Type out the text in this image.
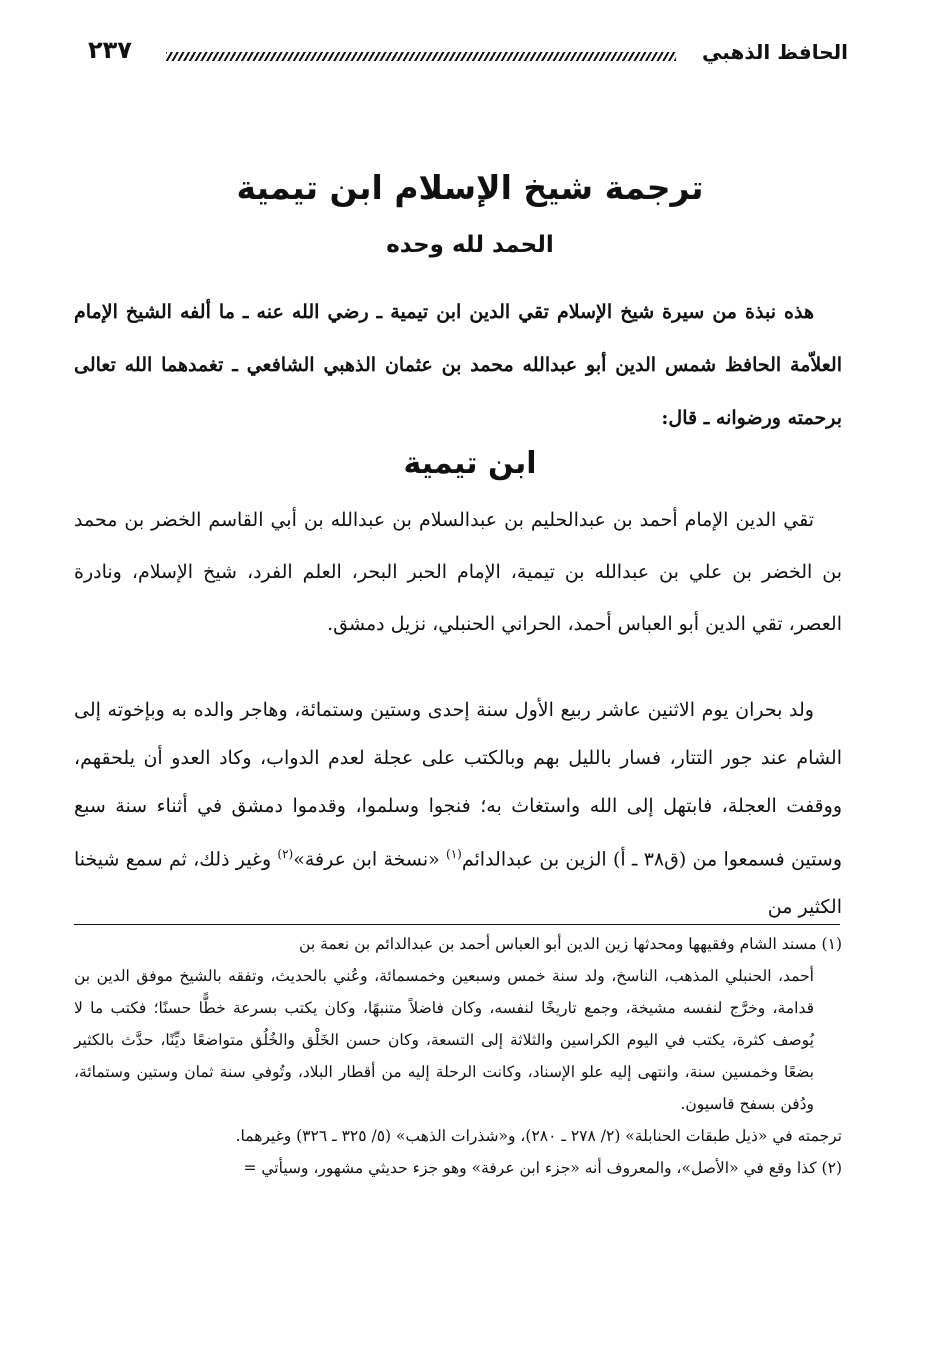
٢٣٧	الحافظ الذهبي
ترجمة شيخ الإسلام ابن تيمية
الحمد لله وحده

هذه نبذة من سيرة شيخ الإسلام تقي الدين ابن تيمية ـ رضي الله عنه ـ ما ألفه الشيخ الإمام العلاّمة الحافظ شمس الدين أبو عبدالله محمد بن عثمان الذهبي الشافعي ـ تغمدهما الله تعالى برحمته ورضوانه ـ قال:

ابن تيمية

تقي الدين الإمام أحمد بن عبدالحليم بن عبدالسلام بن عبدالله بن أبي القاسم الخضر بن محمد بن الخضر بن علي بن عبدالله بن تيمية، الإمام الحبر البحر، العلم الفرد، شيخ الإسلام، ونادرة العصر، تقي الدين أبو العباس أحمد، الحراني الحنبلي، نزيل دمشق.

ولد بحران يوم الاثنين عاشر ربيع الأول سنة إحدى وستين وستمائة، وهاجر والده به وبإخوته إلى الشام عند جور التتار، فسار بالليل بهم وبالكتب على عجلة لعدم الدواب، وكاد العدو أن يلحقهم، ووقفت العجلة، فابتهل إلى الله واستغاث به؛ فنجوا وسلموا، وقدموا دمشق في أثناء سنة سبع وستين فسمعوا من (ق٣٨ ـ أ) الزين بن عبدالدائم$^{(١)}$ «نسخة ابن عرفة»$^{(٢)}$ وغير ذلك، ثم سمع شيخنا الكثير من

(١) مسند الشام وفقيهها ومحدثها زين الدين أبو العباس أحمد بن عبدالدائم بن نعمة بن

أحمد، الحنبلي المذهب، الناسخ، ولد سنة خمس وسبعين وخمسمائة، وعُني بالحديث، وتفقه بالشيخ موفق الدين بن قدامة، وخرَّج لنفسه مشيخة، وجمع تاريخًا لنفسه، وكان فاضلاً متنبهًا، وكان يكتب بسرعة خطًّا حسنًا؛ فكتب ما لا يُوصف كثرة، يكتب في اليوم الكراسين والثلاثة إلى التسعة، وكان حسن الخَلْق والخُلُق متواضعًا ديِّنًا، حدَّث بالكثير بضعًا وخمسين سنة، وانتهى إليه علو الإسناد، وكانت الرحلة إليه من أقطار البلاد، وتُوفي سنة ثمان وستين وستمائة، ودُفن بسفح قاسيون.

ترجمته في «ذيل طبقات الحنابلة» (٢/ ٢٧٨ ـ ٢٨٠)، و«شذرات الذهب» (٥/ ٣٢٥ ـ ٣٢٦) وغيرهما.

(٢) كذا وقع في «الأصل»، والمعروف أنه «جزء ابن عرفة» وهو جزء حديثي مشهور، وسيأتي =
